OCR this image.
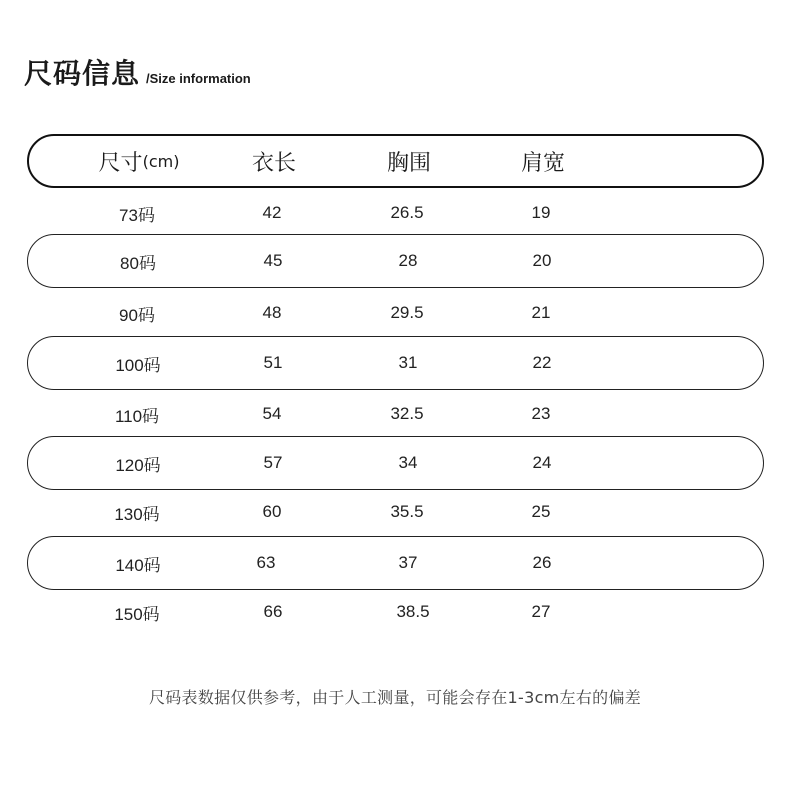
尺码信息 /Size information
尺寸 (cm)	衣长	胸围	肩宽
73码	42	26.5	19
80码	45	28	20
90码	48	29.5	21
100码	51	31	22
110码	54	32.5	23
120码	57	34	24
130码	60	35.5	25
140码	63	37	26
150码	66	38.5	27
尺码表数据仅供参考，由于人工测量，可能会存在1-3cm左右的偏差
